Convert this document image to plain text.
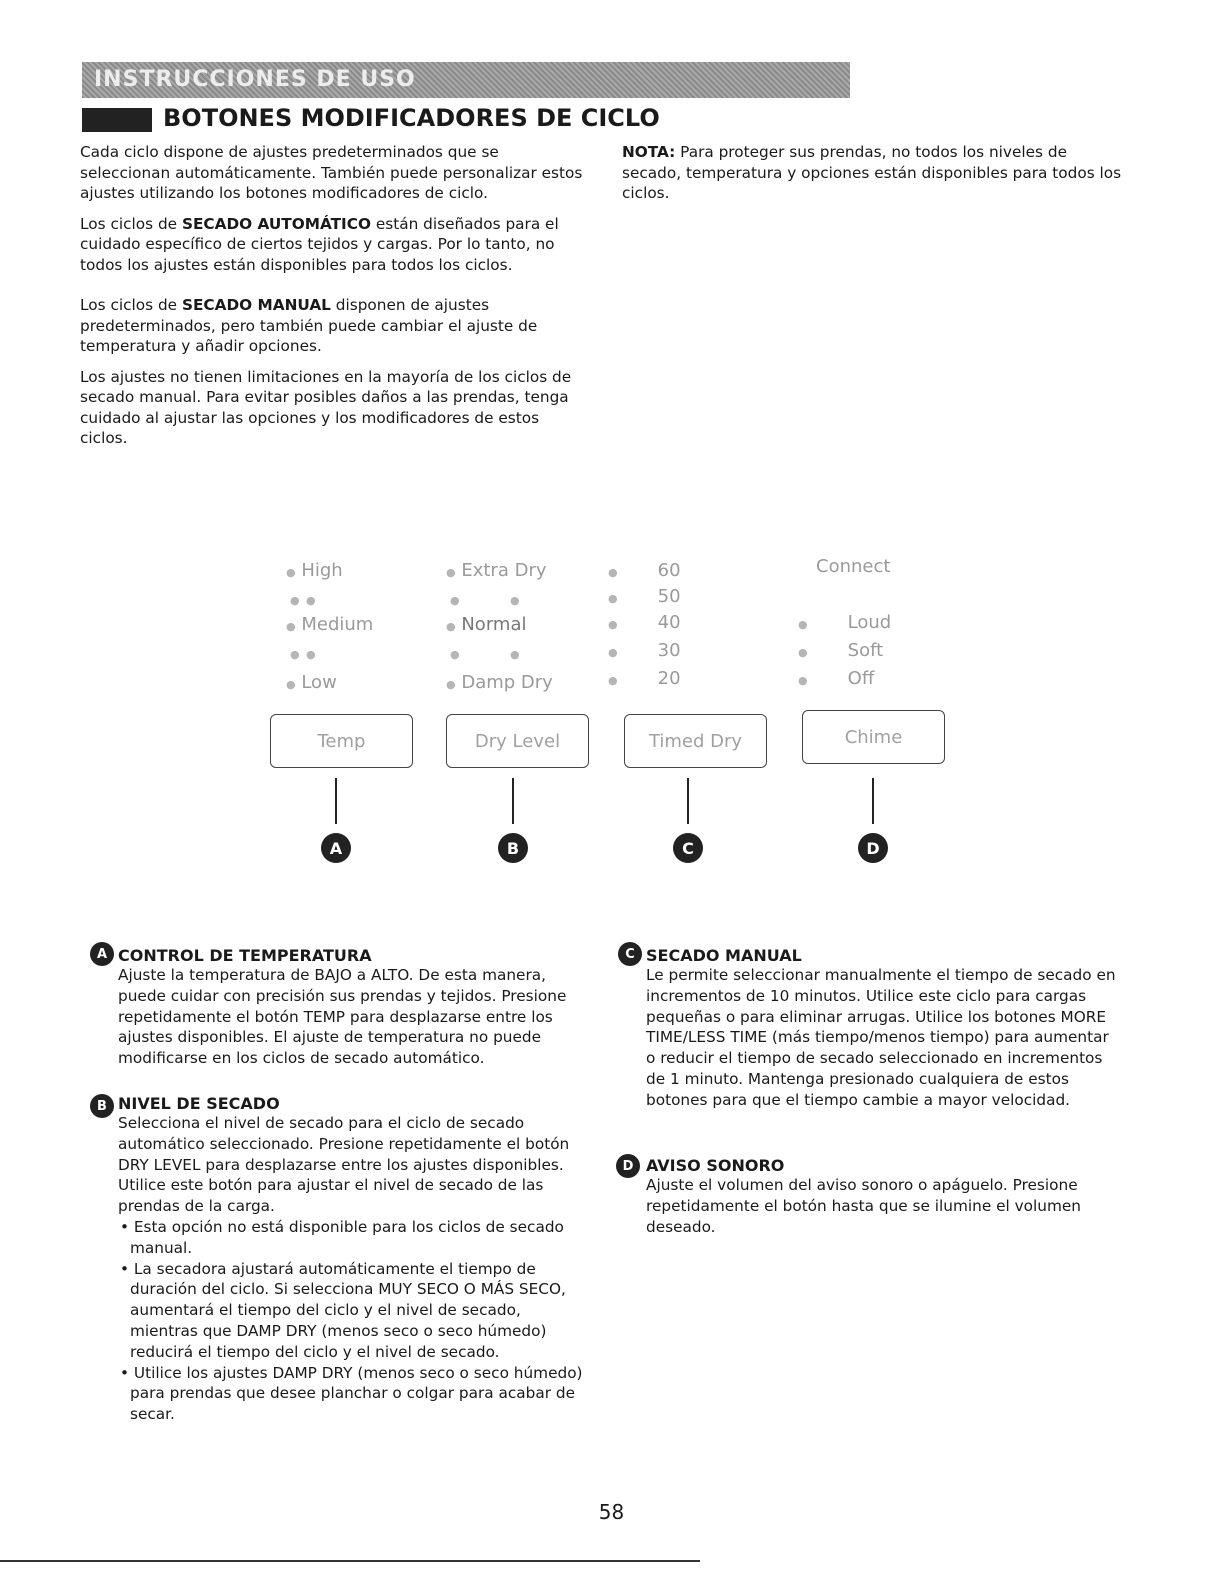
INSTRUCCIONES DE USO
BOTONES MODIFICADORES DE CICLO

Cada ciclo dispone de ajustes predeterminados que se seleccionan automáticamente. También puede personalizar estos ajustes utilizando los botones modificadores de ciclo.

Los ciclos de SECADO AUTOMÁTICO están diseñados para el cuidado específico de ciertos tejidos y cargas. Por lo tanto, no todos los ajustes están disponibles para todos los ciclos.

Los ciclos de SECADO MANUAL disponen de ajustes predeterminados, pero también puede cambiar el ajuste de temperatura y añadir opciones.

Los ajustes no tienen limitaciones en la mayoría de los ciclos de secado manual. Para evitar posibles daños a las prendas, tenga cuidado al ajustar las opciones y los modificadores de estos ciclos.

NOTA: Para proteger sus prendas, no todos los niveles de secado, temperatura y opciones están disponibles para todos los ciclos.

● High
● ●
● Medium
● ●
● Low
Temp
A
● Extra Dry
●	●
● Normal
●	●
● Damp Dry
Dry Level
B
● 60
● 50
● 40
● 30
● 20
Timed Dry
C
Connect
● Loud
● Soft
● Off
Chime
D
A CONTROL DE TEMPERATURA

Ajuste la temperatura de BAJO a ALTO. De esta manera, puede cuidar con precisión sus prendas y tejidos. Presione repetidamente el botón TEMP para desplazarse entre los ajustes disponibles. El ajuste de temperatura no puede modificarse en los ciclos de secado automático.

B NIVEL DE SECADO

Selecciona el nivel de secado para el ciclo de secado automático seleccionado. Presione repetidamente el botón DRY LEVEL para desplazarse entre los ajustes disponibles. Utilice este botón para ajustar el nivel de secado de las prendas de la carga.

• Esta opción no está disponible para los ciclos de secado manual.

• La secadora ajustará automáticamente el tiempo de duración del ciclo. Si selecciona MUY SECO O MÁS SECO, aumentará el tiempo del ciclo y el nivel de secado, mientras que DAMP DRY (menos seco o seco húmedo) reducirá el tiempo del ciclo y el nivel de secado.

• Utilice los ajustes DAMP DRY (menos seco o seco húmedo) para prendas que desee planchar o colgar para acabar de secar.

C SECADO MANUAL

Le permite seleccionar manualmente el tiempo de secado en incrementos de 10 minutos. Utilice este ciclo para cargas pequeñas o para eliminar arrugas. Utilice los botones MORE TIME/LESS TIME (más tiempo/menos tiempo) para aumentar o reducir el tiempo de secado seleccionado en incrementos de 1 minuto. Mantenga presionado cualquiera de estos botones para que el tiempo cambie a mayor velocidad.

D AVISO SONORO

Ajuste el volumen del aviso sonoro o apáguelo. Presione repetidamente el botón hasta que se ilumine el volumen deseado.

58
